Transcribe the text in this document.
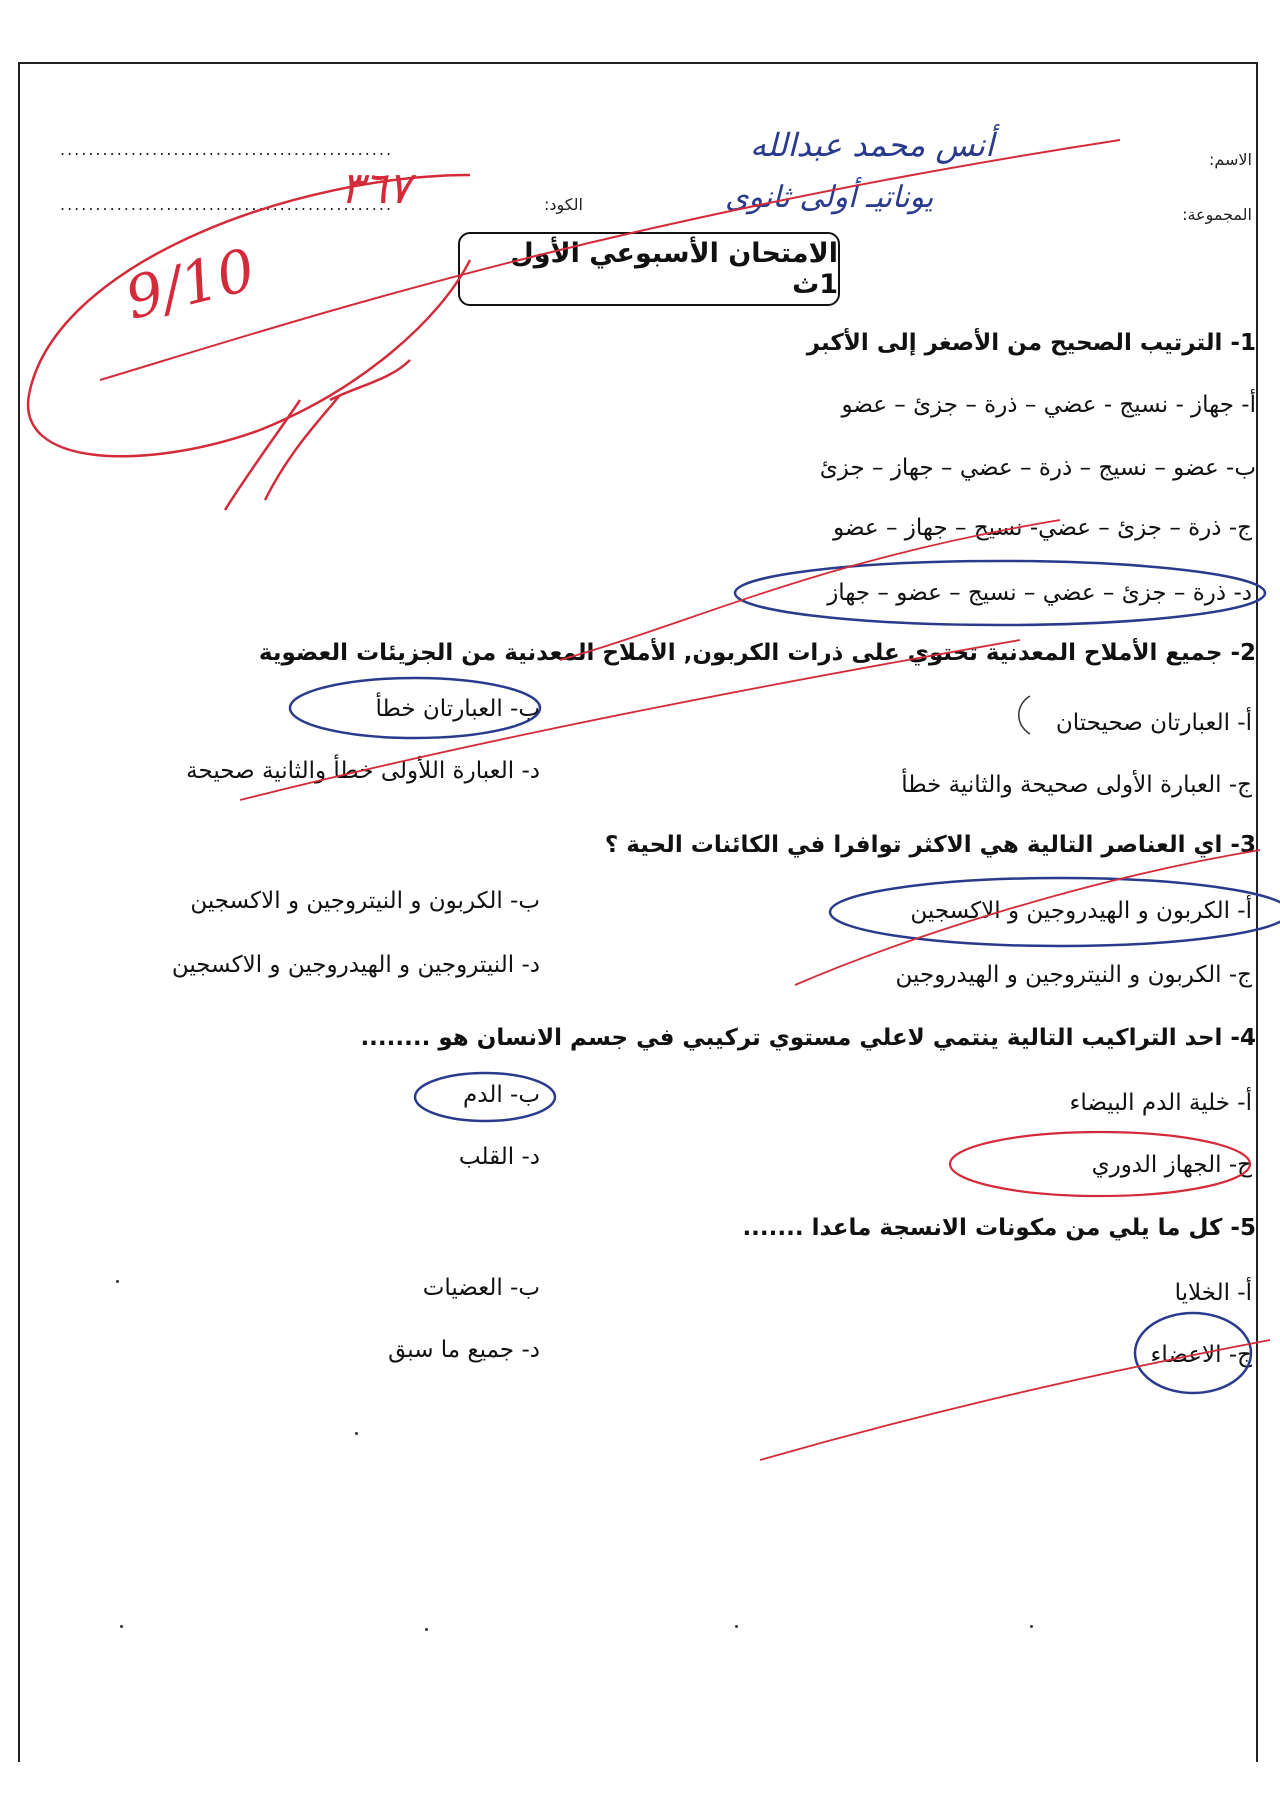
الاسم:
...............................................	أنس محمد عبدالله
المجموعة:
...............................................	يوناتيـ أولى ثانوى
الكود:
٣٦٧
9/10	الامتحان الأسبوعي الأول 1ث
1- الترتيب الصحيح من الأصغر إلى الأكبر
أ- جهاز - نسيج - عضي – ذرة – جزئ – عضو
ب- عضو – نسيج – ذرة – عضي – جهاز – جزئ
ج- ذرة – جزئ – عضي- نسيج – جهاز – عضو
د- ذرة – جزئ – عضي – نسيج – عضو – جهاز
2- جميع الأملاح المعدنية تحتوي على ذرات الكربون, الأملاح المعدنية من الجزيئات العضوية
أ- العبارتان صحيحتان
ب- العبارتان خطأ
ج- العبارة الأولى صحيحة والثانية خطأ
د- العبارة اللأولى خطأ والثانية صحيحة
3- اي العناصر التالية هي الاكثر توافرا في الكائنات الحية ؟
أ- الكربون و الهيدروجين و الاكسجين
ب- الكربون و النيتروجين و الاكسجين
ج- الكربون و النيتروجين و الهيدروجين
د- النيتروجين و الهيدروجين و الاكسجين
4- احد التراكيب التالية ينتمي لاعلي مستوي تركيبي في جسم الانسان هو ........
أ- خلية الدم البيضاء
ب- الدم
ج- الجهاز الدوري
د- القلب
5- كل ما يلي من مكونات الانسجة ماعدا .......
أ- الخلايا
ب- العضيات
ج- الاعضاء
د- جميع ما سبق
